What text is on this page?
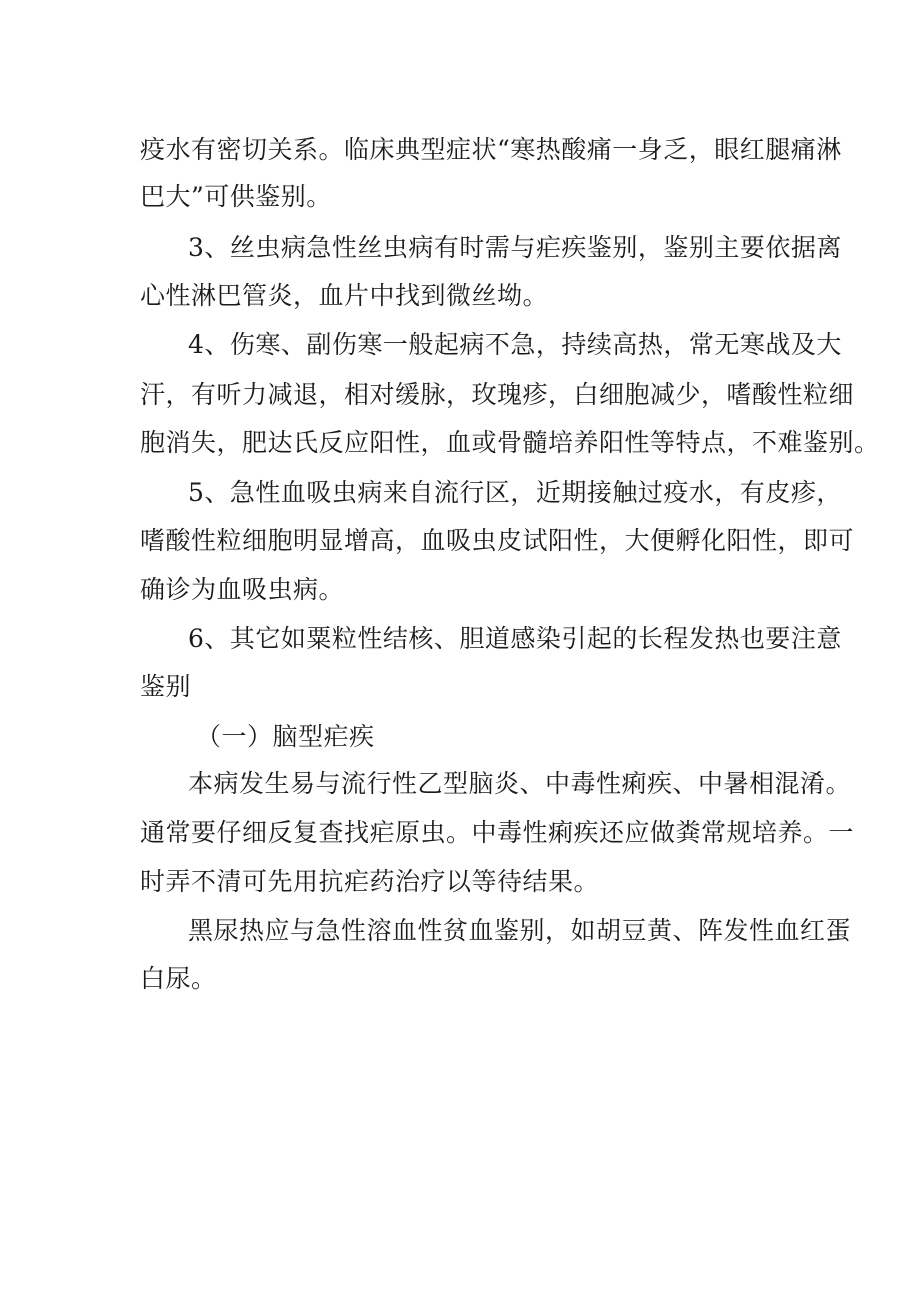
疫水有密切关系。临床典型症状“寒热酸痛一身乏，眼红腿痛淋
巴大”可供鉴别。
3、丝虫病急性丝虫病有时需与疟疾鉴别，鉴别主要依据离
心性淋巴管炎，血片中找到微丝坳。
4、伤寒、副伤寒一般起病不急，持续高热，常无寒战及大
汗，有听力减退，相对缓脉，玫瑰疹，白细胞减少，嗜酸性粒细
胞消失，肥达氏反应阳性，血或骨髓培养阳性等特点，不难鉴别。
5、急性血吸虫病来自流行区，近期接触过疫水，有皮疹，
嗜酸性粒细胞明显增高，血吸虫皮试阳性，大便孵化阳性，即可
确诊为血吸虫病。
6、其它如粟粒性结核、胆道感染引起的长程发热也要注意
鉴别
（一）脑型疟疾
本病发生易与流行性乙型脑炎、中毒性痢疾、中暑相混淆。
通常要仔细反复查找疟原虫。中毒性痢疾还应做粪常规培养。一
时弄不清可先用抗疟药治疗以等待结果。
黑尿热应与急性溶血性贫血鉴别，如胡豆黄、阵发性血红蛋
白尿。
